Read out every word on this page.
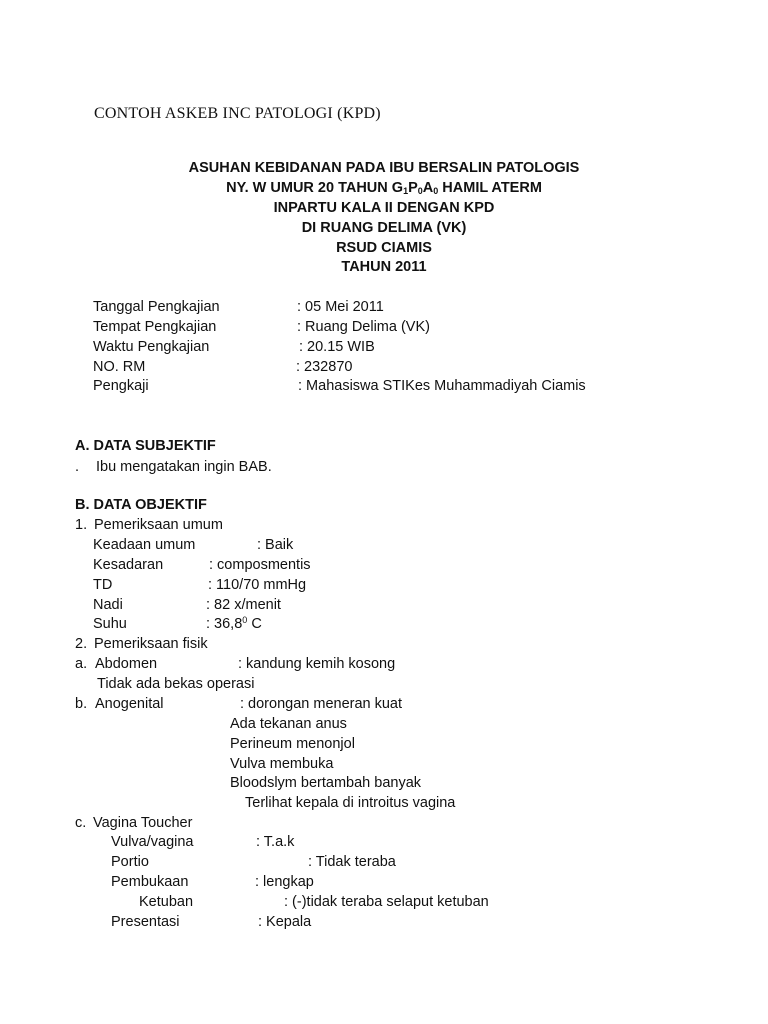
CONTOH ASKEB INC PATOLOGI (KPD)
ASUHAN KEBIDANAN PADA IBU BERSALIN PATOLOGIS
NY. W UMUR 20 TAHUN $G_1P_0A_0$ HAMIL ATERM
INPARTU KALA II DENGAN KPD
DI RUANG DELIMA (VK)
RSUD CIAMIS
TAHUN 2011
Tanggal Pengkajian	: 05 Mei 2011
Tempat Pengkajian	: Ruang Delima (VK)
Waktu Pengkajian	: 20.15 WIB
NO. RM	: 232870
Pengkaji	: Mahasiswa STIKes Muhammadiyah Ciamis
A. DATA SUBJEKTIF
. Ibu mengatakan ingin BAB.
B. DATA OBJEKTIF
1. Pemeriksaan umum
Keadaan umum	: Baik
Kesadaran	: composmentis
TD	: 110/70 mmHg
Nadi	: 82 x/menit
Suhu	: 36,8$^0$ C
2. Pemeriksaan fisik
a. Abdomen	: kandung kemih kosong
Tidak ada bekas operasi
b. Anogenital	: dorongan meneran kuat
Ada tekanan anus
Perineum menonjol
Vulva membuka
Bloodslym bertambah banyak
Terlihat kepala di introitus vagina
c. Vagina Toucher
Vulva/vagina	: T.a.k
Portio	: Tidak teraba
Pembukaan	: lengkap
Ketuban	: (-)tidak teraba selaput ketuban
Presentasi	: Kepala
